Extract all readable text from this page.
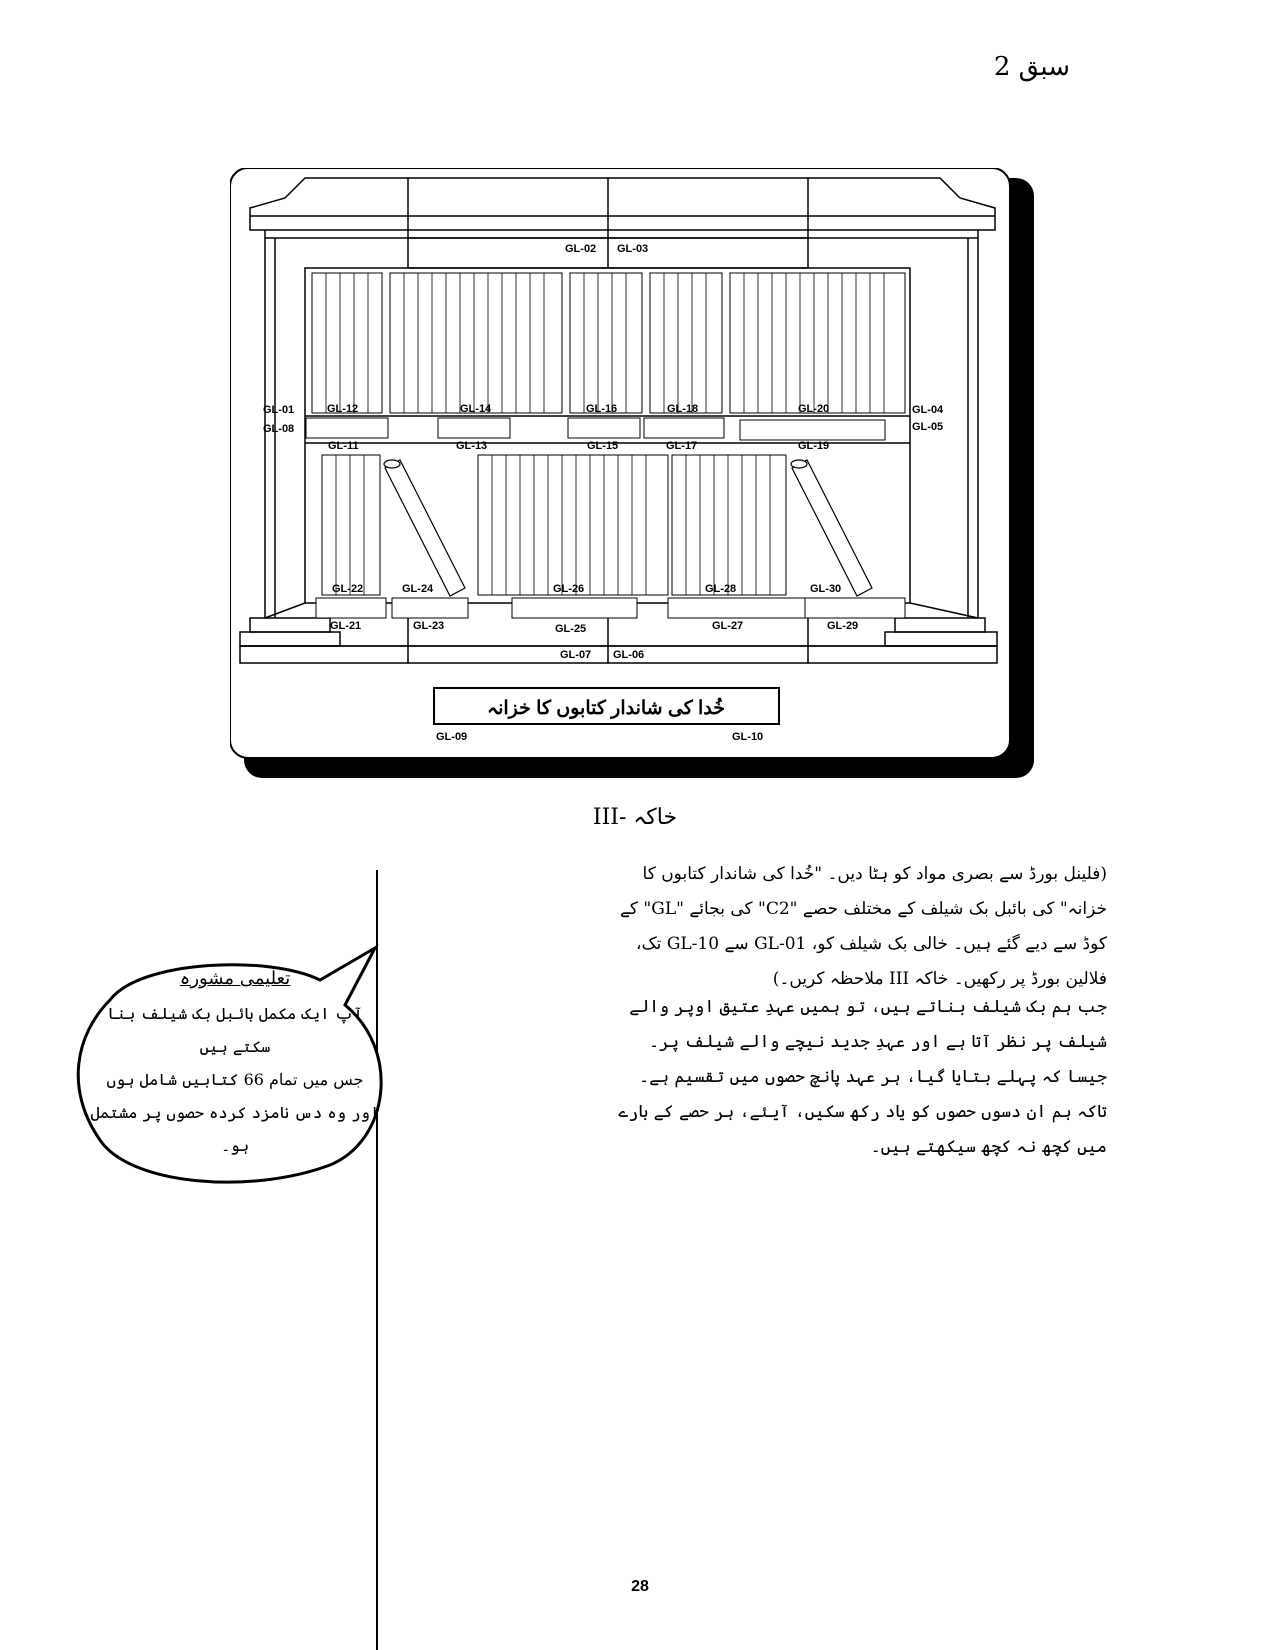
سبق 2
خُدا کی شاندار کتابوں کا خزانہ
GL-02 GL-03
GL-01
GL-08
GL-04
GL-05
GL-12	GL-14	GL-16	GL-18	GL-20
GL-11	GL-13	GL-15	GL-17	GL-19
GL-22	GL-24	GL-26	GL-28	GL-30
GL-21	GL-23	GL-25	GL-27	GL-29
GL-07 GL-06
GL-09	GL-10
خاکہ -III
(فلینل بورڈ سے بصری مواد کو ہٹا دیں۔ "خُدا کی شاندار کتابوں کا خزانہ" کی بائبل بک شیلف کے مختلف حصے "C2" کی بجائے "GL" کے کوڈ سے دیے گئے ہیں۔ خالی بک شیلف کو، GL-01 سے GL-10 تک، فلالین بورڈ پر رکھیں۔ خاکہ III ملاحظہ کریں۔)
جب ہم بک شیلف بناتے ہیں، تو ہمیں عہدِ عتیق اوپر والے شیلف پر نظر آتا ہے اور عہدِ جدید نیچے والے شیلف پر۔ جیسا کہ پہلے بتایا گیا، ہر عہد پانچ حصوں میں تقسیم ہے۔ تاکہ ہم ان دسوں حصوں کو یاد رکھ سکیں، آیئے، ہر حصے کے بارے میں کچھ نہ کچھ سیکھتے ہیں۔
تعلیمی مشورہ
آپ ایک مکمل بائبل بک شیلف بنا سکتے ہیں
جس میں تمام 66 کتابیں شامل ہوں
اور وہ دس نامزد کردہ حصوں پر مشتمل ہو۔
28
